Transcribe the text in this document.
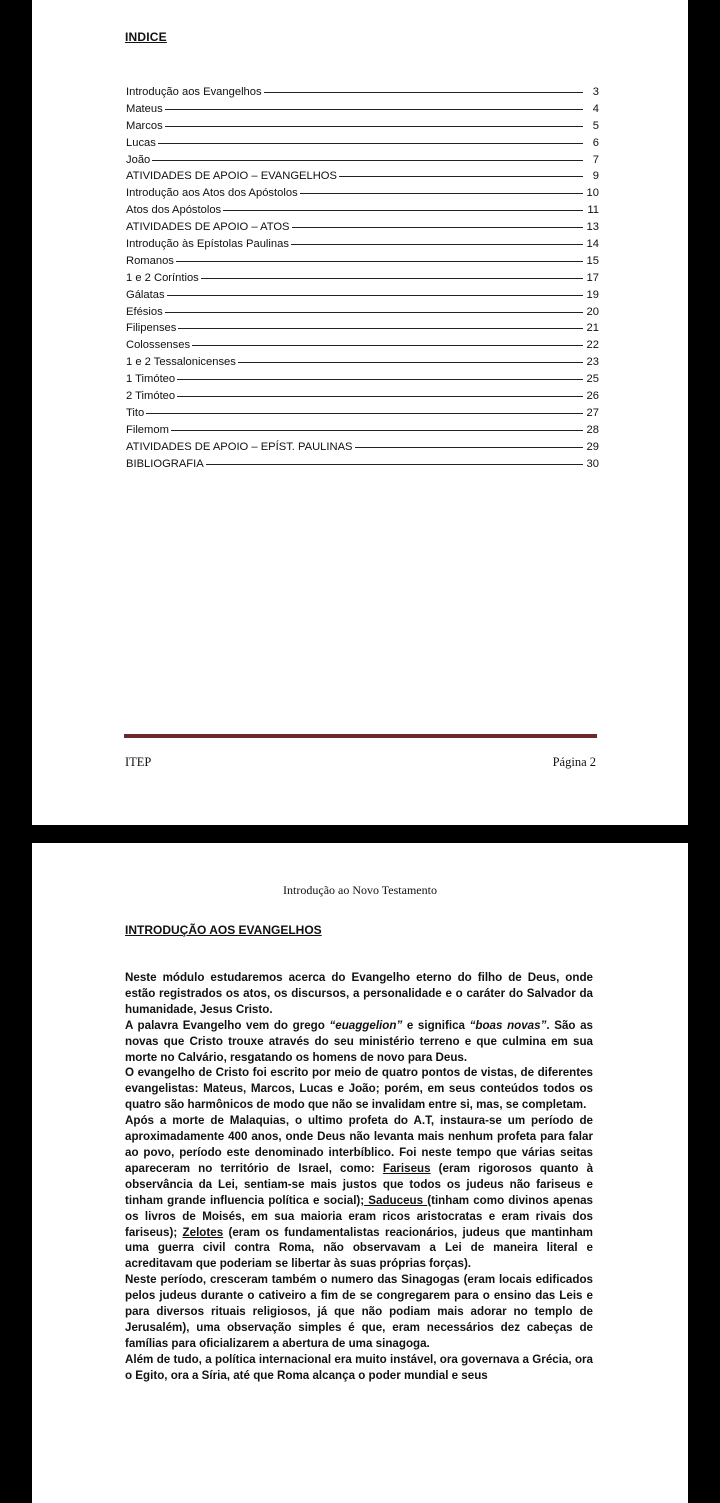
INDICE
Introdução aos Evangelhos	3
Mateus	4
Marcos	5
Lucas	6
João	7
ATIVIDADES DE APOIO – EVANGELHOS	9
Introdução aos Atos dos Apóstolos	10
Atos dos Apóstolos	11
ATIVIDADES DE APOIO – ATOS	13
Introdução às Epístolas Paulinas	14
Romanos	15
1 e 2 Coríntios	17
Gálatas	19
Efésios	20
Filipenses	21
Colossenses	22
1 e 2 Tessalonicenses	23
1 Timóteo	25
2 Timóteo	26
Tito	27
Filemom	28
ATIVIDADES DE APOIO – EPÍST. PAULINAS	29
BIBLIOGRAFIA	30
ITEP	Página 2
Introdução ao Novo Testamento
INTRODUÇÃO AOS EVANGELHOS

Neste módulo estudaremos acerca do Evangelho eterno do filho de Deus, onde estão registrados os atos, os discursos, a personalidade e o caráter do Salvador da humanidade, Jesus Cristo.

A palavra Evangelho vem do grego “euaggelion” e significa “boas novas”. São as novas que Cristo trouxe através do seu ministério terreno e que culmina em sua morte no Calvário, resgatando os homens de novo para Deus.

O evangelho de Cristo foi escrito por meio de quatro pontos de vistas, de diferentes evangelistas: Mateus, Marcos, Lucas e João; porém, em seus conteúdos todos os quatro são harmônicos de modo que não se invalidam entre si, mas, se completam.

Após a morte de Malaquias, o ultimo profeta do A.T, instaura-se um período de aproximadamente 400 anos, onde Deus não levanta mais nenhum profeta para falar ao povo, período este denominado interbíblico. Foi neste tempo que várias seitas apareceram no território de Israel, como: Fariseus (eram rigorosos quanto à observância da Lei, sentiam-se mais justos que todos os judeus não fariseus e tinham grande influencia política e social); Saduceus (tinham como divinos apenas os livros de Moisés, em sua maioria eram ricos aristocratas e eram rivais dos fariseus); Zelotes (eram os fundamentalistas reacionários, judeus que mantinham uma guerra civil contra Roma, não observavam a Lei de maneira literal e acreditavam que poderiam se libertar às suas próprias forças).

Neste período, cresceram também o numero das Sinagogas (eram locais edificados pelos judeus durante o cativeiro a fim de se congregarem para o ensino das Leis e para diversos rituais religiosos, já que não podiam mais adorar no templo de Jerusalém), uma observação simples é que, eram necessários dez cabeças de famílias para oficializarem a abertura de uma sinagoga.

Além de tudo, a política internacional era muito instável, ora governava a Grécia, ora o Egito, ora a Síria, até que Roma alcança o poder mundial e seus
